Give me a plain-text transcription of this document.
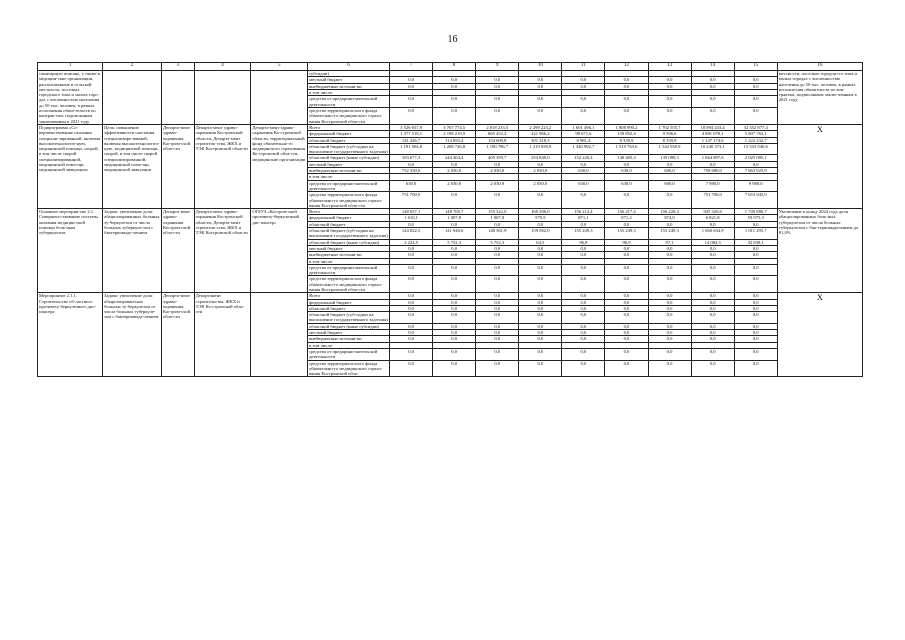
16
1	2	3	4	5	6	7	8	9	10	11	12	13	14	15	16
санитарную помощь, у также в медицин-ские организации, расположенные в сельской местности, поселках городского типа и малых горо-дах с численностью населения до 50 тыс. человек, в рамках исполнения обяза-тельств по контрак-там, подписанным заключенным в 2021 году					субсидии)										местности, поселках городско-го типа и малых городах с численностью населения до 50 тыс. человек, в рамках исполне-ния обязательств по кон-трактам, подписанным заклю-ченным в 2021 году
					местный бюджет	0,0	0,0	0,0	0,0	0,0	0,0	0,0	0,0	0,0	
					внебюджетные источни-ки	0,0	0,0	0,0	0,0	0,0	0,0	0,0	0,0	0,0	
					в том числе:										
					средства от предприни-мательской деятельности	0,0	0,0	0,0	0,0	0,0	0,0	0,0	0,0	0,0	
					средства территориаль-ного фонда обязательно-го медицинского страхо-вания Костромской обла-сти	0,0	0,0	0,0	0,0	0,0	0,0	0,0	0,0	0,0	
Подпрограмма «Со-вершенствование оказания специали-зированной, включая высокотехнологич-ную, медицинской помощи, скорой, в том числе скорой специализированной, медицинской помо-щи, медицинской эвакуации»	Цель: повышение эффективности ока-зания специализиро-ванной, включая высокотехнологич-ную, медицинской помощи, скорой, в том числе скорой специализированной, медицинской помо-щи, медицинской эвакуации	Департа-мент здраво-охранения Костром-ской обла-сти	Департа-мент здраво-охранения Костромской области, Департа-мент строитель-ства, ЖКХ и ТЭК Костромской области	Департа-мент здраво-охранения Ко-стромской области, территориальный фонд обязательно-го медицинского страхования Ко-стромской обла-сти, медицинские орга-низации	Всего	3 526 657,9	3 767 774,5	2 818 233,5	2 299 223,2	1 601 496,1	1 808 990,2	1 702 555,7	18 894 433,4	32 352 877,4	X
					федеральный бюджет	1 377 519,1	2 198 219,9	865 452,2	221 966,2	98 671,6	139 852,4	9 596,6	4 881 078,1	5 807 763,1	
					областной бюджет	141 426,7	114 093,4	154 609,8	501 318,3	8 981,4	8 339,9	8 339,9	1 147 174,6	1 222 232,7	
					областной бюджет (суб-сидии на выполнение государственного зада-ния)	1 191 904,8	1 208 726,8	1 190 786,7	1 219 059,9	1 340 992,7	1 519 763,6	1 544 930,9	10 240 373,1	15 533 540,6	
					областной бюджет (иные субсидии)	103 677,3	244 304,4	405 359,7	254 849,0	152 220,4	140 405,3	139 089,3	1 664 897,6	2 025 085,1	
					местный бюджет	0,0	0,0	0,0	0,0	0,0	0,0	0,0	0,0	0,0	
					внебюджетные источни-ки	752 330,0	2 030,0	2 030,0	2 030,0	630,0	630,0	600,0	759 680,0	7 663 925,9	
					в том числе:										
					средства от предприни-мательской деятельности	630,0	2 030,0	2 030,0	2 030,0	630,0	630,0	600,0	7 980,0	9 980,0	
					средства территориаль-ного фонда обязательно-го медицинского страхо-вания Костромской обла-сти	751 700,0	0,0	0,0	0,0	0,0	0,0	0,0	751 700,0	7 653 945,9	
Основное мероприя-тие 2.1. Совершен-ствование системы оказания медицин-ской помощи боль-ным туберкулезом	Задача: увеличение доли абациллированных больных ту-беркулезом от числа больных туберкуле-зом с бактериовыде-лением	Департа-мент здраво-охранения Костром-ской обла-сти	Департа-мент здраво-охранения Костромской области, Департа-мент строитель-ства, ЖКХ и ТЭК Костромской области	ОГБУЗ «Костром-ской противоту-беркулезный дис-пансер»	Всего	148 657,1	148 700,7	155 322,0	160 306,0	156 212,4	156 217,4	156 220,4	925 320,6	1 749 886,7	Увеличение к концу 2024 года доли абациллированных боль-ных туберкулезом от числа больных туберкулезом с бак-териовыделением до 81,0%
					федеральный бюджет	1 610,1	1 007,8	1 007,8	579,5	871,1	871,2	874,0	6 821,8	59 975,3	
					областной бюджет	0,0	0,0	0,0	0,0	0,0	0,0	0,0	0,0	0,0	
					областной бюджет (суб-сидии на выполнение государственного зада-ния)	144 822,5	141 940,6	148 561,9	159 562,0	155 249,3	155 249,3	155 249,3	1 060 634,9	1 811 295,7	
					областной бюджет (иные субсидии)	2 224,5	5 752,3	5 752,3	64,5	96,8	96,9	97,1	14 084,3	32 838,1	
					местный бюджет	0,0	0,0	0,0	0,0	0,0	0,0	0,0	0,0	0,0	
					внебюджетные источни-ки	0,0	0,0	0,0	0,0	0,0	0,0	0,0	0,0	0,0	
					в том числе:										
					средства от предприни-мательской деятельности	0,0	0,0	0,0	0,0	0,0	0,0	0,0	0,0	0,0	
					средства территориаль-ного фонда обязательно-го медицинского страхо-вания Костромской обла-сти	0,0	0,0	0,0	0,0	0,0	0,0	0,0	0,0	0,0	
Мероприятие 2.1.1. Строительство об-ластного противоту-беркулезного дис-пансера	Задача: увеличение доли абациллирован-ных больных ту-беркулезом от числа больных туберкуле-зом с бактериовыде-лением	Департа-мент здраво-охранения Костром-ской обла-сти	Департамент строительства, ЖКХ и ТЭК Ко-стромской обла-сти		Всего	0,0	0,0	0,0	0,0	0,0	0,0	0,0	0,0	0,0	X
					федеральный бюджет	0,0	0,0	0,0	0,0	0,0	0,0	0,0	0,0	0,0	
					областной бюджет	0,0	0,0	0,0	0,0	0,0	0,0	0,0	0,0	0,0	
					областной бюджет (суб-сидии на выполнение государственного зада-ния)	0,0	0,0	0,0	0,0	0,0	0,0	0,0	0,0	0,0	
					областной бюджет (иные субсидии)	0,0	0,0	0,0	0,0	0,0	0,0	0,0	0,0	0,0	
					местный бюджет	0,0	0,0	0,0	0,0	0,0	0,0	0,0	0,0	0,0	
					внебюджетные источни-ки	0,0	0,0	0,0	0,0	0,0	0,0	0,0	0,0	0,0	
					в том числе:										
					средства от предприни-мательской деятельности	0,0	0,0	0,0	0,0	0,0	0,0	0,0	0,0	0,0	
					средства территориаль-ного фонда обязательно-го медицинского страхо-вания Костромской обла-	0,0	0,0	0,0	0,0	0,0	0,0	0,0	0,0	0,0	
